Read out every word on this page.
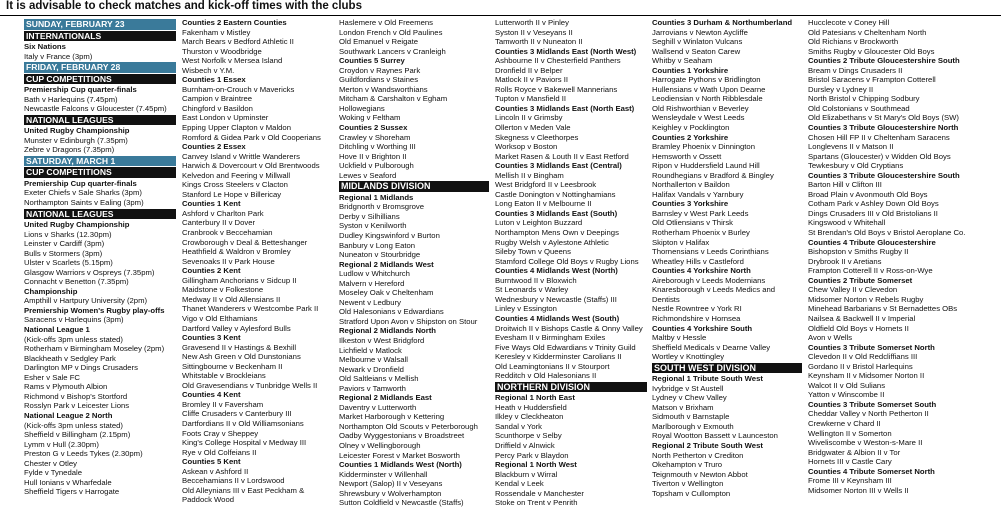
It is advisable to check matches and kick-off times with the clubs
SUNDAY, FEBRUARY 23
INTERNATIONALS
Six Nations
Italy v France (3pm)
FRIDAY, FEBRUARY 28
CUP COMPETITIONS
Premiership Cup quarter-finals
Bath v Harlequins (7.45pm)
Newcastle Falcons v Gloucester (7.45pm)
NATIONAL LEAGUES
United Rugby Championship
Munster v Edinburgh (7.35pm)
Zebre v Dragons (7.35pm)
SATURDAY, MARCH 1
CUP COMPETITIONS
Premiership Cup quarter-finals
Exeter Chiefs v Sale Sharks (3pm)
Northampton Saints v Ealing (3pm)
NATIONAL LEAGUES
United Rugby Championship
Lions v Sharks (12.30pm)
Leinster v Cardiff (3pm)
Bulls v Stormers (3pm)
Ulster v Scarlets (5.15pm)
Glasgow Warriors v Ospreys (7.35pm)
Connacht v Benetton (7.35pm)
Championship
Ampthill v Hartpury University (2pm)
Premiership Women's Rugby play-offs
Saracens v Harlequins (3pm)
National League 1
(Kick-offs 3pm unless stated)
Rotherham v Birmingham Moseley (2pm)
Blackheath v Sedgley Park
Darlington MP v Dings Crusaders
Esher v Sale FC
Rams v Plymouth Albion
Richmond v Bishop's Stortford
Rosslyn Park v Leicester Lions
National League 2 North
(Kick-offs 3pm unless stated)
Sheffield v Billingham (2.15pm)
Lymm v Hull (2.30pm)
Preston G v Leeds Tykes (2.30pm)
Chester v Otley
Fylde v Tynedale
Hull Ionians v Wharfedale
Sheffield Tigers v Harrogate
Counties 2 Eastern Counties
Fakenham v Mistley
March Bears v Bedford Athletic II
Thurston v Woodbridge
West Norfolk v Mersea Island
Wisbech v Y.M.
Counties 1 Essex
Burnham-on-Crouch v Mavericks
Campion v Braintree
Chingford v Basildon
East London v Upminster
Epping Upper Clapton v Maldon
Romford & Gidea Park v Old Cooperians
Counties 2 Essex
Canvey Island v Writtle Wanderers
Harwich & Dovercourt v Old Brentwoods
Kelvedon and Feering v Millwall
Kings Cross Steelers v Clacton
Stanford Le Hope v Billericay
Counties 1 Kent
Ashford v Charlton Park
Canterbury II v Dover
Cranbrook v Beccehamian
Crowborough v Deal & Betteshanger
Heathfield & Waldron v Bromley
Sevenoaks II v Park House
Counties 2 Kent
Gillingham Anchorians v Sidcup II
Maidstone v Folkestone
Medway II v Old Allensians II
Thanet Wanderers v Westcombe Park II
Vigo v Old Elthamians
Dartford Valley v Aylesford Bulls
Counties 3 Kent
Gravesend II v Hastings & Bexhill
New Ash Green v Old Dunstonians
Sittingbourne v Beckenham II
Whitstable v Brockleians
Old Gravesendians v Tunbridge Wells II
Counties 4 Kent
Bromley II v Faversham
Cliffe Crusaders v Canterbury III
Dartfordians II v Old Williamsonians
Foots Cray v Sheppey
King's College Hospital v Medway III
Rye v Old Colfeians II
Counties 5 Kent
Askean v Ashford II
Beccehamians II v Lordswood
Old Alleynians III v East Peckham &
Paddock Wood
Haslemere v Old Freemens
London French v Old Paulines
Old Emanuel v Reigate
Southwark Lancers v Cranleigh
Counties 5 Surrey
Croydon v Raynes Park
Guildfordians v Staines
Merton v Wandsworthians
Mitcham & Carshalton v Egham
Hollowegians
Woking v Feltham
Counties 2 Sussex
Crawley v Shoreham
Ditchling v Worthing III
Hove II v Brighton II
Uckfield v Pulborough
Lewes v Seaford
MIDLANDS DIVISION
Regional 1 Midlands
Bridgnorth v Bromsgrove
Derby v Silhillians
Syston v Kenilworth
Dudley Kingswinford v Burton
Banbury v Long Eaton
Nuneaton v Stourbridge
Regional 2 Midlands West
Ludlow v Whitchurch
Malvern v Hereford
Moseley Oak v Cheltenham
Newent v Ledbury
Old Halesonians v Edwardians
Stratford Upon Avon v Shipston on Stour
Regional 2 Midlands North
Ilkeston v West Bridgford
Lichfield v Matlock
Melbourne v Walsall
Newark v Dronfield
Old Saltleians v Mellish
Paviors v Tamworth
Regional 2 Midlands East
Daventry v Lutterworth
Market Harborough v Kettering
Northampton Old Scouts v Peterborough
Oadby Wyggestonians v Broadstreet
Olney v Wellingborough
Leicester Forest v Market Bosworth
Counties 1 Midlands West (North)
Kidderminster v Willenhall
Newport (Salop) II v Veseyans
Shrewsbury v Wolverhampton
Sutton Coldfield v Newcastle (Staffs)
Lutterworth II v Pinley
Syston II v Veseyans II
Tamworth II v Nuneaton II
Counties 3 Midlands East (North West)
Ashbourne II v Chesterfield Panthers
Dronfield II v Belper
Matlock II v Paviors II
Rolls Royce v Bakewell Mannerians
Tupton v Mansfield II
Counties 3 Midlands East (North East)
Lincoln II v Grimsby
Ollerton v Meden Vale
Skegness v Cleethorpes
Worksop v Boston
Market Rasen & Louth II v East Retford
Counties 3 Midlands East (Central)
Mellish II v Bingham
West Bridgford II v Leesbrook
Castle Donington v Nottinghamians
Long Eaton II v Melbourne II
Counties 3 Midlands East (South)
Luton v Leighton Buzzard
Northampton Mens Own v Deepings
Rugby Welsh v Aylestone Athletic
Sileby Town v Queens
Stamford College Old Boys v Rugby Lions
Counties 4 Midlands West (North)
Burntwood II v Bloxwich
St Leonards v Warley
Wednesbury v Newcastle (Staffs) III
Linley v Essington
Counties 4 Midlands West (South)
Droitwich II v Bishops Castle & Onny Valley
Evesham II v Birmingham Exiles
Five Ways Old Edwardians v Trinity Guild
Keresley v Kidderminster Carolians II
Old Leamingtonians II v Stourport
Redditch v Old Halesonians II
NORTHERN DIVISION
Regional 1 North East
Heath v Huddersfield
Ilkley v Cleckheaton
Sandal v York
Scunthorpe v Selby
Driffield v Alnwick
Percy Park v Blaydon
Regional 1 North West
Blackburn v Wirral
Kendal v Leek
Rossendale v Manchester
Stoke on Trent v Penrith
Counties 3 Durham & Northumberland
Jarrovians v Newton Aycliffe
Seghill v Winlaton Vulcans
Wallsend v Seaton Carew
Whitby v Seaham
Counties 1 Yorkshire
Harrogate Pythons v Bridlington
Hullensians v Wath Upon Dearne
Leodiensian v North Ribblesdale
Old Rishworthian v Beverley
Wensleydale v West Leeds
Keighley v Pocklington
Counties 2 Yorkshire
Bramley Phoenix v Dinnington
Hemsworth v Ossett
Ripon v Huddersfield Laund Hill
Roundhegians v Bradford & Bingley
Northallerton v Baildon
Halifax Vandals v Yarnbury
Counties 3 Yorkshire
Barnsley v West Park Leeds
Old Otliensians v Thirsk
Rotherham Phoenix v Burley
Skipton v Halifax
Thornensians v Leeds Corinthians
Wheatley Hills v Castleford
Counties 4 Yorkshire North
Aireborough v Leeds Modernians
Knaresborough v Leeds Medics and Dentists
Nestle Rowntree v York RI
Richmondshire v Hornsea
Counties 4 Yorkshire South
Maltby v Hessle
Sheffield Medicals v Dearne Valley
Wortley v Knottingley
SOUTH WEST DIVISION
Regional 1 Tribute South West
Ivybridge v St Austell
Lydney v Chew Valley
Matson v Brixham
Sidmouth v Barnstaple
Marlborough v Exmouth
Royal Wootton Bassett v Launceston
Regional 2 Tribute South West
North Petherton v Crediton
Okehampton v Truro
Teignmouth v Newton Abbot
Tiverton v Wellington
Topsham v Cullompton
Hucclecote v Coney Hill
Old Patesians v Cheltenham North
Old Richians v Brockworth
Smiths Rugby v Gloucester Old Boys
Counties 2 Tribute Gloucestershire South
Bream v Dings Crusaders II
Bristol Saracens v Frampton Cotterell
Dursley v Lydney II
North Bristol v Chipping Sodbury
Old Colstonians v Southmead
Old Elizabethans v St Mary's Old Boys (SW)
Counties 3 Tribute Gloucestershire North
Chosen Hill FP II v Cheltenham Saracens
Longlevens II v Matson II
Spartans (Gloucester) v Widden Old Boys
Tewkesbury v Old Cryptians
Counties 3 Tribute Gloucestershire South
Barton Hill v Clifton III
Broad Plain v Avonmouth Old Boys
Cotham Park v Ashley Down Old Boys
Dings Crusaders III v Old Bristolians II
Kingswood v Whitehall
St Brendan's Old Boys v Bristol Aeroplane Co.
Counties 4 Tribute Gloucestershire
Bishopston v Smiths Rugby II
Drybrook II v Aretians
Frampton Cotterell II v Ross-on-Wye
Counties 2 Tribute Somerset
Chew Valley II v Clevedon
Midsomer Norton v Rebels Rugby
Minehead Barbarians v St Bernadettes OBs
Nailsea & Backwell II v Imperial
Oldfield Old Boys v Hornets II
Avon v Wells
Counties 3 Tribute Somerset North
Clevedon II v Old Redcliffians III
Gordano II v Bristol Harlequins
Keynsham II v Midsomer Norton II
Walcot II v Old Sulians
Yatton v Winscombe II
Counties 3 Tribute Somerset South
Cheddar Valley v North Petherton II
Crewkerne v Chard II
Wellington II v Somerton
Wiveliscombe v Weston-s-Mare II
Bridgwater & Albion II v Tor
Hornets III v Castle Cary
Counties 4 Tribute Somerset North
Frome III v Keynsham III
Midsomer Norton III v Wells II
